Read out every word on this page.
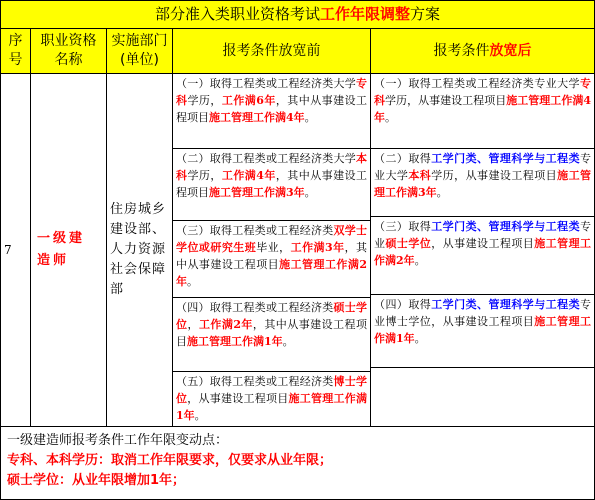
部分准入类职业资格考试工作年限调整方案
序号
职业资格名称
实施部门
(单位)
报考条件放宽前	报考条件放宽后
7
一级建造师
住房城乡建设部、人力资源社会保障部
（一）取得工程类或工程经济类大学专科学历，工作满6年，其中从事建设工程项目施工管理工作满4年。
（二）取得工程类或工程经济类大学本科学历，工作满4年，其中从事建设工程项目施工管理工作满3年。
（三）取得工程类或工程经济类双学士学位或研究生班毕业，工作满3年，其中从事建设工程项目施工管理工作满2年。
（四）取得工程类或工程经济类硕士学位，工作满2年，其中从事建设工程项目施工管理工作满1年。
（五）取得工程类或工程经济类博士学位，从事建设工程项目施工管理工作满1年。
（一）取得工程类或工程经济类专业大学专科学历，从事建设工程项目施工管理工作满4年。
（二）取得工学门类、管理科学与工程类专业大学本科学历，从事建设工程项目施工管理工作满3年。
（三）取得工学门类、管理科学与工程类专业硕士学位，从事建设工程项目施工管理工作满2年。
（四）取得工学门类、管理科学与工程类专业博士学位，从事建设工程项目施工管理工作满1年。
一级建造师报考条件工作年限变动点：
专科、本科学历：取消工作年限要求，仅要求从业年限；
硕士学位：从业年限增加1年；
